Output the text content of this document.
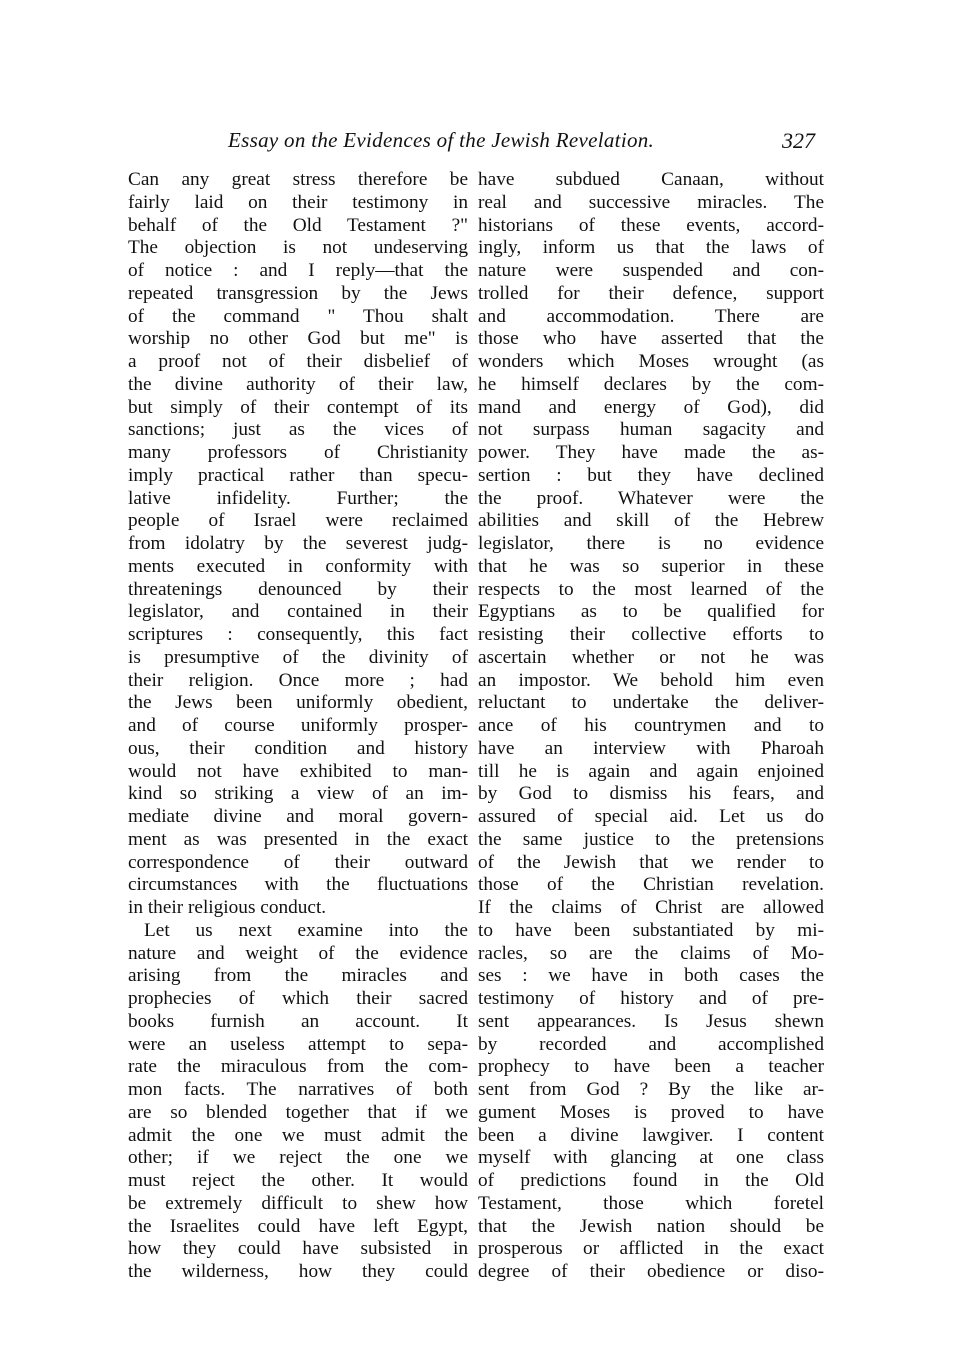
Essay on the Evidences of the Jewish Revelation.	327
Can any great stress therefore be
fairly laid on their testimony in
behalf of the Old Testament ?"
The objection is not undeserving
of notice : and I reply—that the
repeated transgression by the Jews
of the command " Thou shalt
worship no other God but me" is
a proof not of their disbelief of
the divine authority of their law,
but simply of their contempt of its
sanctions; just as the vices of
many professors of Christianity
imply practical rather than specu-
lative infidelity. Further; the
people of Israel were reclaimed
from idolatry by the severest judg-
ments executed in conformity with
threatenings denounced by their
legislator, and contained in their
scriptures : consequently, this fact
is presumptive of the divinity of
their religion. Once more ; had
the Jews been uniformly obedient,
and of course uniformly prosper-
ous, their condition and history
would not have exhibited to man-
kind so striking a view of an im-
mediate divine and moral govern-
ment as was presented in the exact
correspondence of their outward
circumstances with the fluctuations
in their religious conduct.
Let us next examine into the
nature and weight of the evidence
arising from the miracles and
prophecies of which their sacred
books furnish an account. It
were an useless attempt to sepa-
rate the miraculous from the com-
mon facts. The narratives of both
are so blended together that if we
admit the one we must admit the
other; if we reject the one we
must reject the other. It would
be extremely difficult to shew how
the Israelites could have left Egypt,
how they could have subsisted in
the wilderness, how they could
have subdued Canaan, without
real and successive miracles. The
historians of these events, accord-
ingly, inform us that the laws of
nature were suspended and con-
trolled for their defence, support
and accommodation. There are
those who have asserted that the
wonders which Moses wrought (as
he himself declares by the com-
mand and energy of God), did
not surpass human sagacity and
power. They have made the as-
sertion : but they have declined
the proof. Whatever were the
abilities and skill of the Hebrew
legislator, there is no evidence
that he was so superior in these
respects to the most learned of the
Egyptians as to be qualified for
resisting their collective efforts to
ascertain whether or not he was
an impostor. We behold him even
reluctant to undertake the deliver-
ance of his countrymen and to
have an interview with Pharoah
till he is again and again enjoined
by God to dismiss his fears, and
assured of special aid. Let us do
the same justice to the pretensions
of the Jewish that we render to
those of the Christian revelation.
If the claims of Christ are allowed
to have been substantiated by mi-
racles, so are the claims of Mo-
ses : we have in both cases the
testimony of history and of pre-
sent appearances. Is Jesus shewn
by recorded and accomplished
prophecy to have been a teacher
sent from God ? By the like ar-
gument Moses is proved to have
been a divine lawgiver. I content
myself with glancing at one class
of predictions found in the Old
Testament, those which foretel
that the Jewish nation should be
prosperous or afflicted in the exact
degree of their obedience or diso-
